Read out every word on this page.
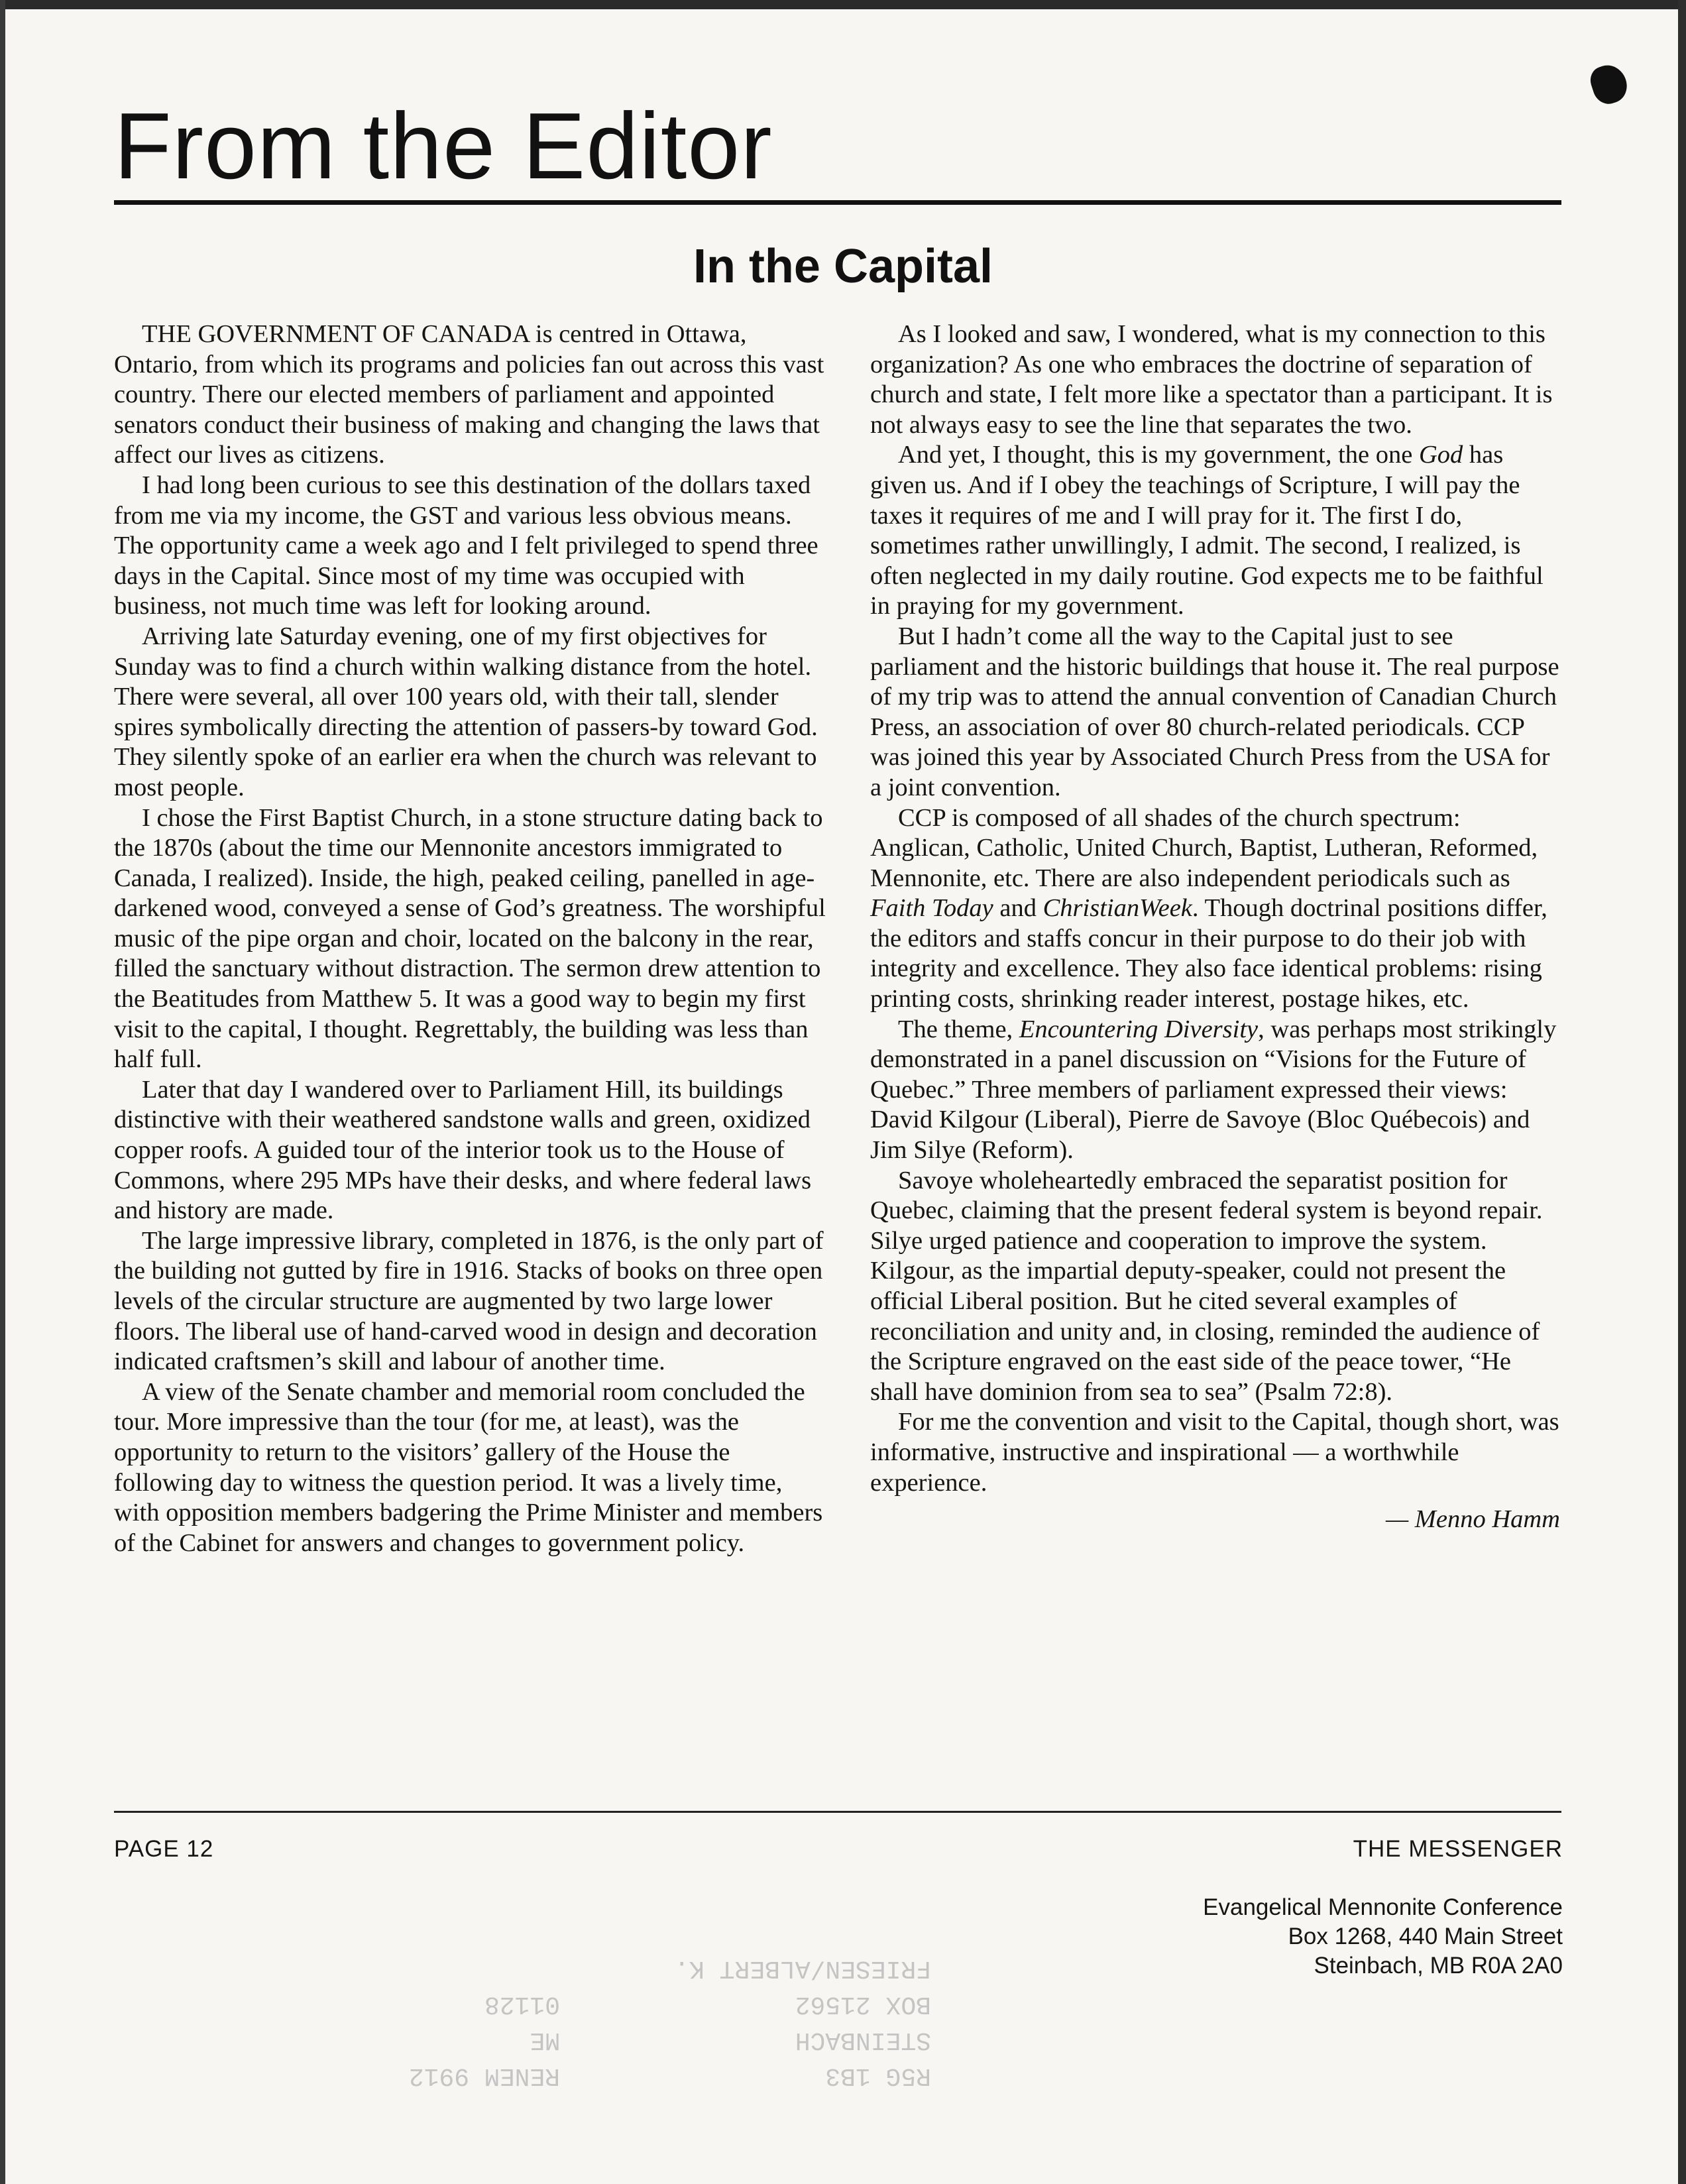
From the Editor
In the Capital

THE GOVERNMENT OF CANADA is centred in Ottawa, Ontario, from which its programs and policies fan out across this vast country. There our elected members of parliament and appointed senators conduct their business of making and changing the laws that affect our lives as citizens.

I had long been curious to see this destination of the dollars taxed from me via my income, the GST and various less obvious means. The opportunity came a week ago and I felt privileged to spend three days in the Capital. Since most of my time was occupied with business, not much time was left for looking around.

Arriving late Saturday evening, one of my first objectives for Sunday was to find a church within walking distance from the hotel. There were several, all over 100 years old, with their tall, slender spires symbolically directing the attention of passers-by toward God. They silently spoke of an earlier era when the church was relevant to most people.

I chose the First Baptist Church, in a stone structure dating back to the 1870s (about the time our Mennonite ancestors immigrated to Canada, I realized). Inside, the high, peaked ceiling, panelled in age-darkened wood, conveyed a sense of God’s greatness. The worshipful music of the pipe organ and choir, located on the balcony in the rear, filled the sanctuary without distraction. The sermon drew attention to the Beatitudes from Matthew 5. It was a good way to begin my first visit to the capital, I thought. Regrettably, the building was less than half full.

Later that day I wandered over to Parliament Hill, its buildings distinctive with their weathered sandstone walls and green, oxidized copper roofs. A guided tour of the interior took us to the House of Commons, where 295 MPs have their desks, and where federal laws and history are made.

The large impressive library, completed in 1876, is the only part of the building not gutted by fire in 1916. Stacks of books on three open levels of the circular structure are augmented by two large lower floors. The liberal use of hand-carved wood in design and decoration indicated craftsmen’s skill and labour of another time.

A view of the Senate chamber and memorial room concluded the tour. More impressive than the tour (for me, at least), was the opportunity to return to the visitors’ gallery of the House the following day to witness the question period. It was a lively time, with opposition members badgering the Prime Minister and members of the Cabinet for answers and changes to government policy.

As I looked and saw, I wondered, what is my connection to this organization? As one who embraces the doctrine of separation of church and state, I felt more like a spectator than a participant. It is not always easy to see the line that separates the two.

And yet, I thought, this is my government, the one God has given us. And if I obey the teachings of Scripture, I will pay the taxes it requires of me and I will pray for it. The first I do, sometimes rather unwillingly, I admit. The second, I realized, is often neglected in my daily routine. God expects me to be faithful in praying for my government.

But I hadn’t come all the way to the Capital just to see parliament and the historic buildings that house it. The real purpose of my trip was to attend the annual convention of Canadian Church Press, an association of over 80 church-related periodicals. CCP was joined this year by Associated Church Press from the USA for a joint convention.

CCP is composed of all shades of the church spectrum: Anglican, Catholic, United Church, Baptist, Lutheran, Reformed, Mennonite, etc. There are also independent periodicals such as Faith Today and ChristianWeek. Though doctrinal positions differ, the editors and staffs concur in their purpose to do their job with integrity and excellence. They also face identical problems: rising printing costs, shrinking reader interest, postage hikes, etc.

The theme, Encountering Diversity, was perhaps most strikingly demonstrated in a panel discussion on “Visions for the Future of Quebec.” Three members of parliament expressed their views: David Kilgour (Liberal), Pierre de Savoye (Bloc Québecois) and Jim Silye (Reform).

Savoye wholeheartedly embraced the separatist position for Quebec, claiming that the present federal system is beyond repair. Silye urged patience and cooperation to improve the system. Kilgour, as the impartial deputy-speaker, could not present the official Liberal position. But he cited several examples of reconciliation and unity and, in closing, reminded the audience of the Scripture engraved on the east side of the peace tower, “He shall have dominion from sea to sea” (Psalm 72:8).

For me the convention and visit to the Capital, though short, was informative, instructive and inspirational — a worthwhile experience.

— Menno Hamm

PAGE 12	THE MESSENGER
Evangelical Mennonite Conference
Box 1268, 440 Main Street
Steinbach, MB R0A 2A0
RENEM 9912
ME
01128
R5G 1B3
STEINBACH
BOX 21562
FRIESEN/ALBERT K.
